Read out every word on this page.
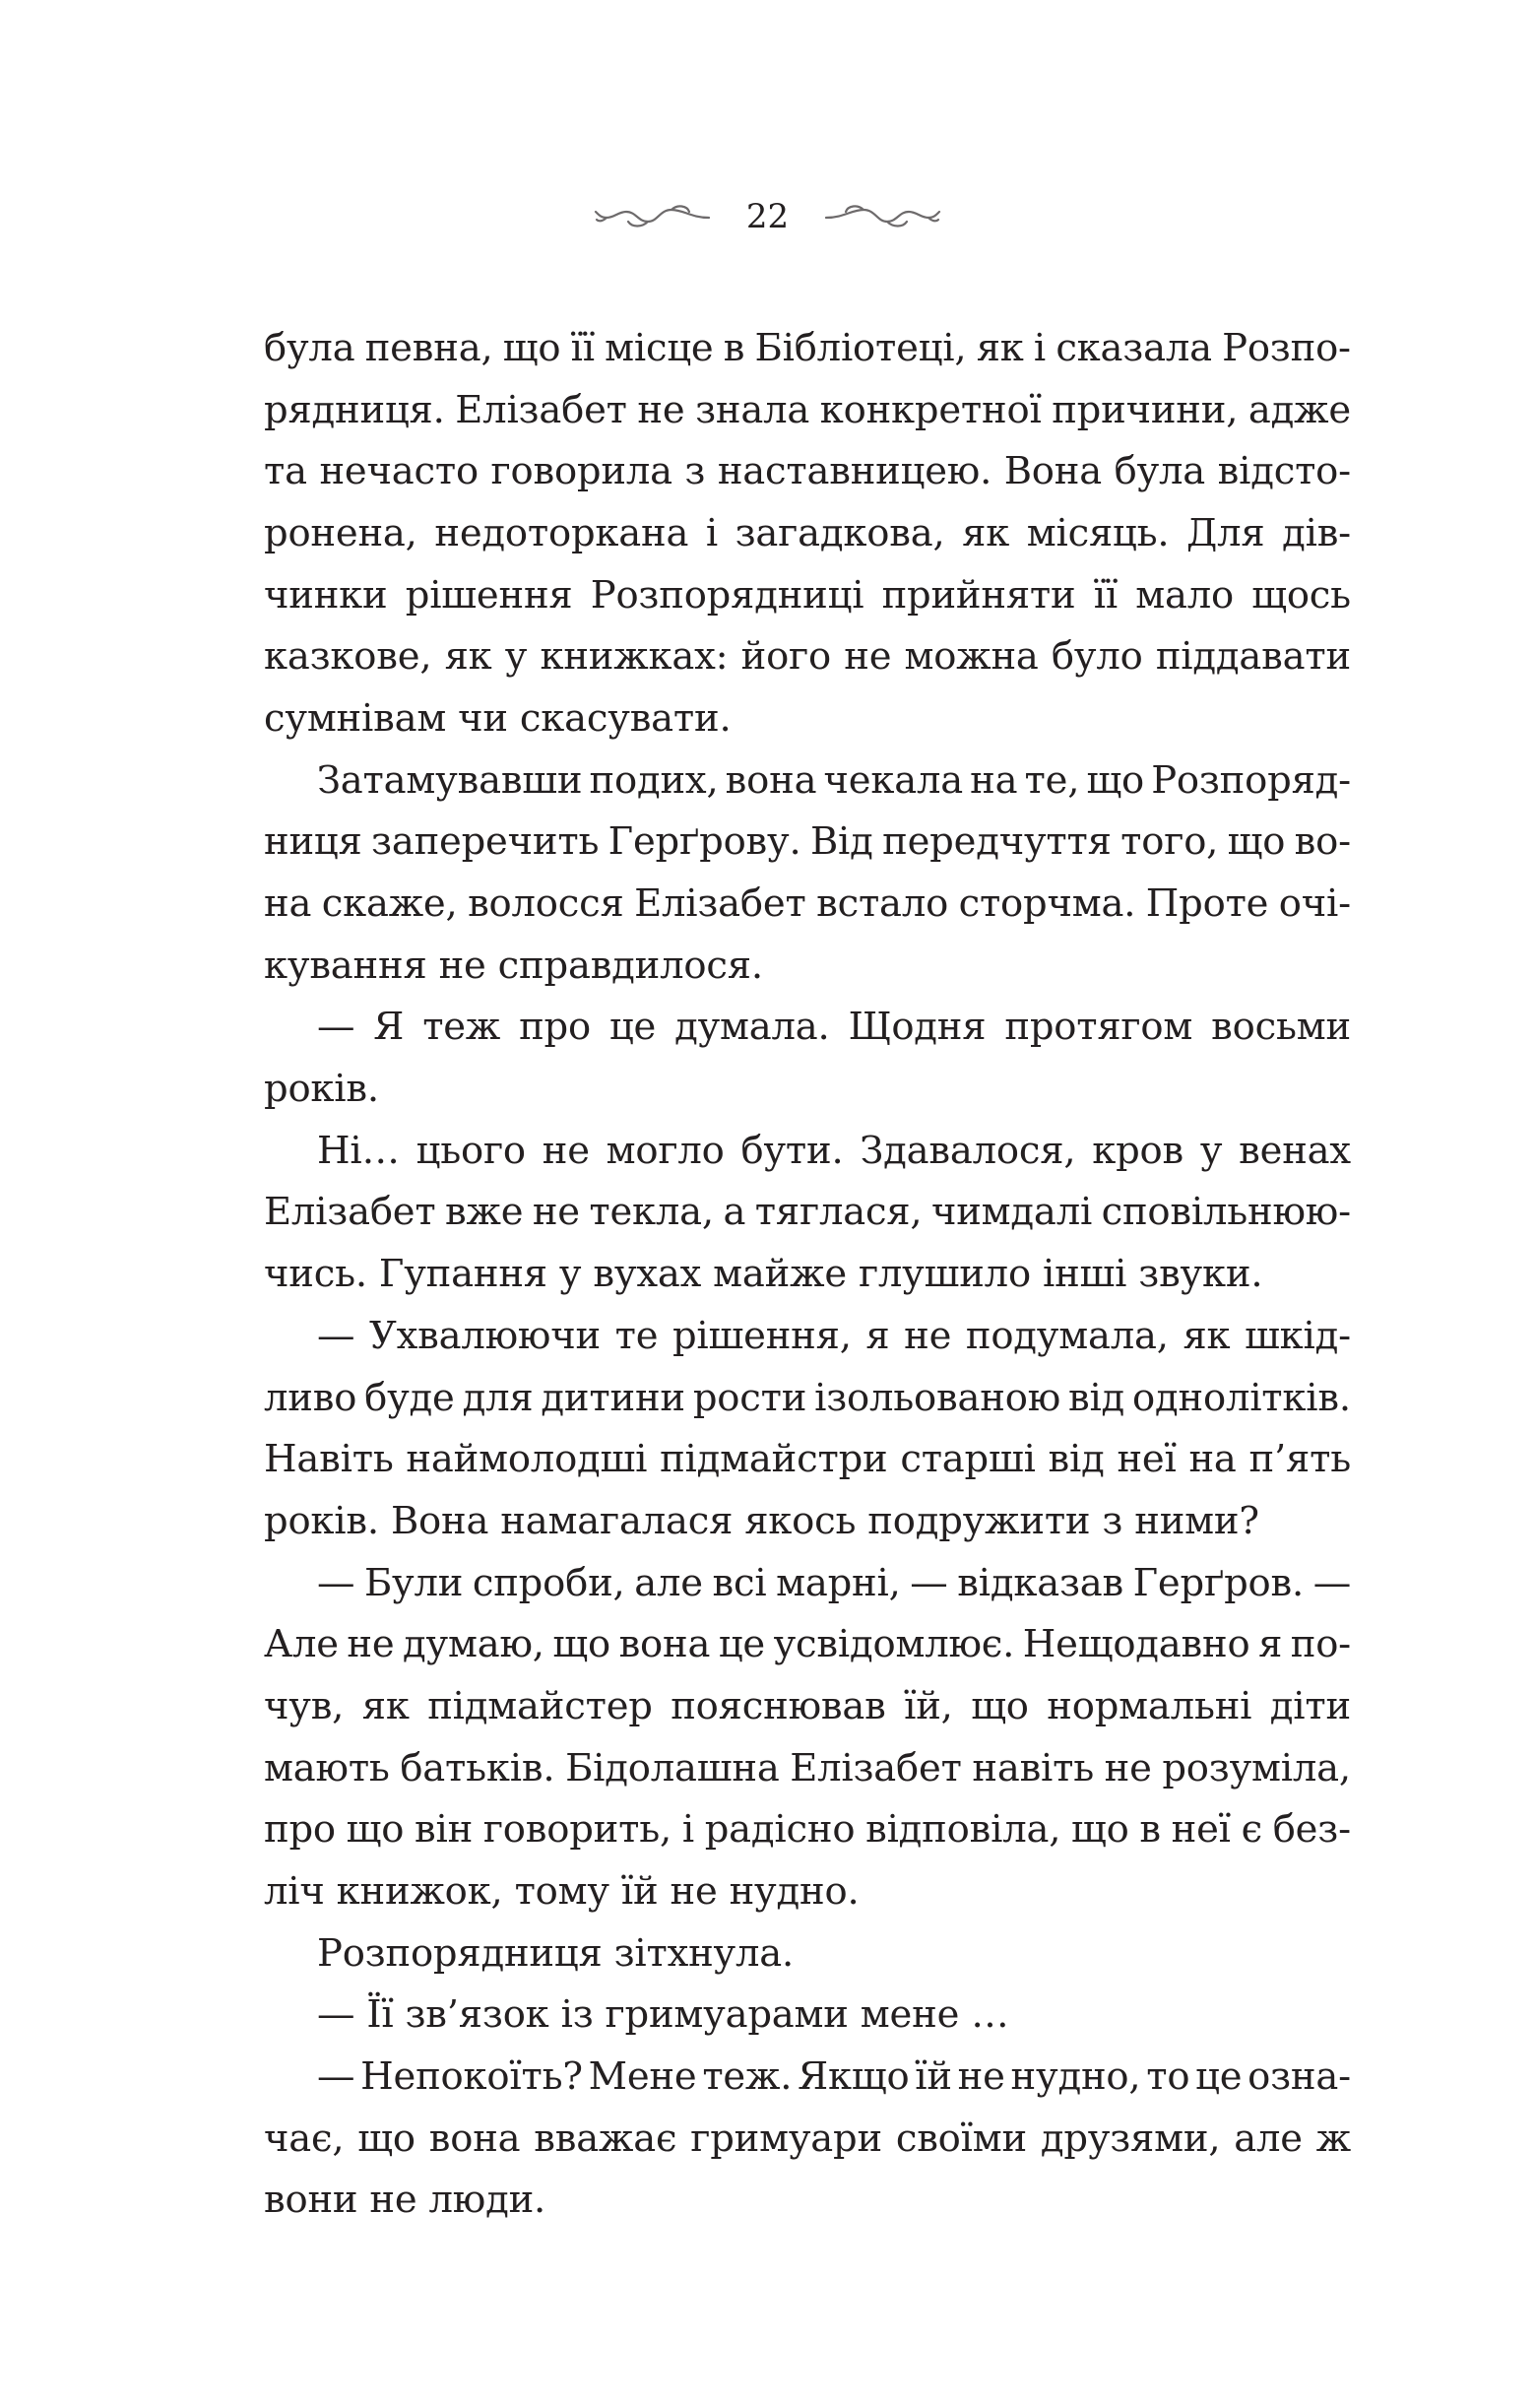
22
була певна, що її місце в Бібліотеці, як і сказала Розпо-
рядниця. Елізабет не знала конкретної причини, адже
та нечасто говорила з наставницею. Вона була відсто-
ронена, недоторкана і загадкова, як місяць. Для дів-
чинки рішення Розпорядниці прийняти її мало щось
казкове, як у книжках: його не можна було піддавати
сумнівам чи скасувати.
Затамувавши подих, вона чекала на те, що Розпоряд-
ниця заперечить Герґрову. Від передчуття того, що во-
на скаже, волосся Елізабет встало сторчма. Проте очі-
кування не справдилося.
— Я теж про це думала. Щодня протягом восьми
років.
Ні… цього не могло бути. Здавалося, кров у венах
Елізабет вже не текла, а тяглася, чимдалі сповільнюю-
чись. Гупання у вухах майже глушило інші звуки.
— Ухвалюючи те рішення, я не подумала, як шкід-
ливо буде для дитини рости ізольованою від однолітків.
Навіть наймолодші підмайстри старші від неї на п’ять
років. Вона намагалася якось подружити з ними?
— Були спроби, але всі марні, — відказав Герґров. —
Але не думаю, що вона це усвідомлює. Нещодавно я по-
чув, як підмайстер пояснював їй, що нормальні діти
мають батьків. Бідолашна Елізабет навіть не розуміла,
про що він говорить, і радісно відповіла, що в неї є без-
ліч книжок, тому їй не нудно.
Розпорядниця зітхнула.
— Її зв’язок із гримуарами мене …
— Непокоїть? Мене теж. Якщо їй не нудно, то це озна-
чає, що вона вважає гримуари своїми друзями, але ж
вони не люди.
